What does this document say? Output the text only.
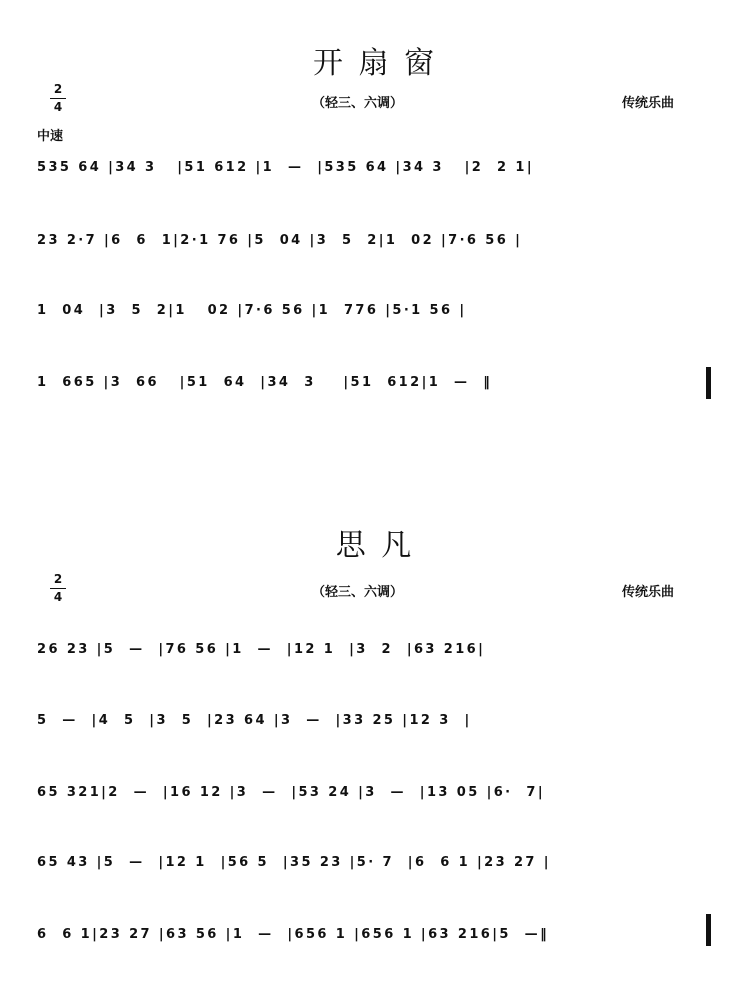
开 扇 窗
2
4	（轻三、六调）	传统乐曲
中速
535 64 |34 3   |51 612 |1  —  |535 64 |34 3   |2  2 1|
23 2·7 |6  6  1|2·1 76 |5  04 |3  5  2|1  02 |7·6 56 |
1  04  |3  5  2|1   02 |7·6 56 |1  776 |5·1 56 |
1  665 |3  66   |51  64  |34  3    |51  612|1  —  ‖
思 凡
2
4	（轻三、六调）	传统乐曲
26 23 |5  —  |76 56 |1  —  |12 1  |3  2  |63 216|
5  —  |4  5  |3  5  |23 64 |3  —  |33 25 |12 3  |
65 321|2  —  |16 12 |3  —  |53 24 |3  —  |13 05 |6·  7|
65 43 |5  —  |12 1  |56 5  |35 23 |5· 7  |6  6 1 |23 27 |
6  6 1|23 27 |63 56 |1  —  |656 1 |656 1 |63 216|5  —‖
